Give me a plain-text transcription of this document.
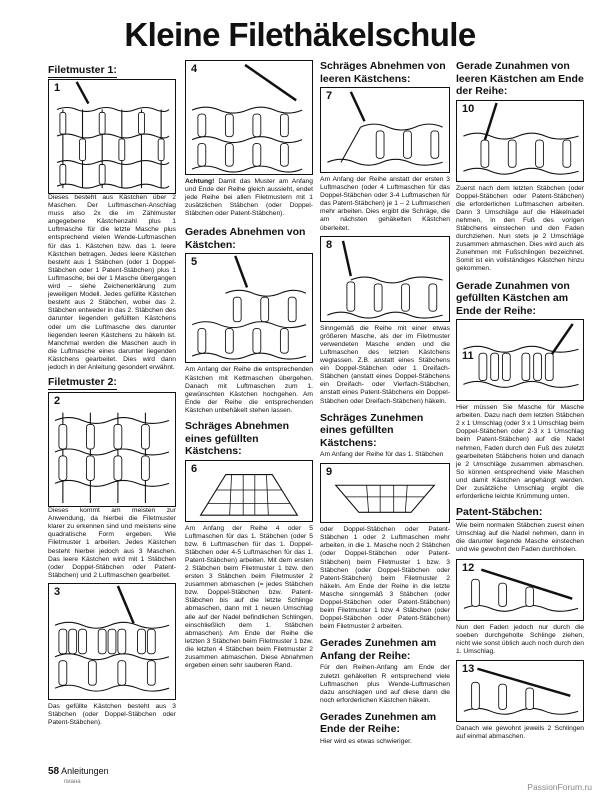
Kleine Filethäkelschule
Filetmuster 1:
1
Dieses besteht aus Kästchen über 2 Maschen. Der Luftmaschen-Anschlag muss also 2x die im Zählmuster angegebene Kästchenzahl plus 1 Luftmasche für die letzte Masche plus entsprechend vielen Wende-Luftmaschen für das 1. Kästchen bzw. das 1. leere Kästchen betragen. Jedes leere Kästchen besteht aus 1 Stäbchen (oder 1 Doppel-Stäbchen oder 1 Patent-Stäbchen) plus 1 Luftmasche, bei der 1 Masche übergangen wird – siehe Zeichenerklärung zum jeweiligen Modell. Jedes gefüllte Kästchen besteht aus 2 Stäbchen, wobei das 2. Stäbchen entweder in das 2. Stäbchen des darunter liegenden gefüllten Kästchens oder um die Luftmasche des darunter liegenden leeren Kästchens zu häkeln ist. Manchmal werden die Maschen auch in die Luftmasche eines darunter liegenden Kästchens gearbeitet. Dies wird dann jedoch in der Anleitung gesondert erwähnt.
Filetmuster 2:
2
Dieses kommt am meisten zur Anwendung, da hierbei die Filetmuster klarer zu erkennen sind und meistens eine quadratische Form ergeben. Wie Filetmuster 1 arbeiten. Jedes Kästchen besteht hierbei jedoch aus 3 Maschen. Das leere Kästchen wird mit 1 Stäbchen (oder Doppel-Stäbchen oder Patent-Stäbchen) und 2 Luftmaschen gearbeitet.
3
Das gefüllte Kästchen besteht aus 3 Stäbchen (oder Doppel-Stäbchen oder Patent-Stäbchen).
4
Achtung! Damit das Muster am Anfang und Ende der Reihe gleich aussieht, endet jede Reihe bei allen Filetmustern mit 1 zusätzlichen Stäbchen (oder Doppel-Stäbchen oder Patent-Stäbchen).
Gerades Abnehmen von Kästchen:
5
Am Anfang der Reihe die entsprechenden Kästchen mit Kettmaschen übergehen. Danach mit Luftmaschen zum 1. gewünschten Kästchen hochgehen. Am Ende der Reihe die entsprechenden Kästchen unbehäkelt stehen lassen.
Schräges Abnehmen eines gefüllten Kästchens:
6
Am Anfang der Reihe 4 oder 5 Luftmaschen für das 1. Stäbchen (oder 5 bzw. 6 Luftmaschen für das 1. Doppel-Stäbchen oder 4-5 Luftmaschen für das 1. Patent-Stäbchen) arbeiten. Mit dem ersten 2 Stäbchen beim Filetmuster 1 bzw. den ersten 3 Stäbchen beim Filetmuster 2 zusammen abmaschen (= jedes Stäbchen bzw. Doppel-Stäbchen bzw. Patent-Stäbchen bis auf die letzte Schlinge abmaschen, dann mit 1 neuen Umschlag alle auf der Nadel befindlichen Schlingen, einschließlich dem 1. Stäbchen abmaschen). Am Ende der Reihe die letzten 3 Stäbchen beim Filetmuster 1 bzw. die letzten 4 Stäbchen beim Filetmuster 2 zusammen abmaschen. Diese Abnahmen ergeben einen sehr sauberen Rand.
Schräges Abnehmen von leeren Kästchens:
7
Am Anfang der Reihe anstatt der ersten 3 Luftmaschen (oder 4 Luftmaschen für das Doppel-Stäbchen oder 3-4 Luftmaschen für das Patent-Stäbchen) je 1 – 2 Luftmaschen mehr arbeiten. Dies ergibt die Schräge, die am nächsten gehäkelten Kästchen überleitet.
8
Sinngemäß die Reihe mit einer etwas größeren Masche, als der im Filetmuster verwendeten Masche enden und die Luftmaschen des letzten Kästchens weglassen. Z.B. anstatt eines Stäbchens ein Doppel-Stäbchen oder 1 Dreifach-Stäbchen (anstatt eines Doppel-Stäbchens ein Dreifach- oder Vierfach-Stäbchen, anstatt eines Patent-Stäbchens ein Doppel-Stäbchen oder Dreifach-Stäbchen) häkeln.
Schräges Zunehmen eines gefüllten Kästchens:
Am Anfang der Reihe für das 1. Stäbchen
9
oder Doppel-Stäbchen oder Patent-Stäbchen 1 oder 2 Luftmaschen mehr arbeiten, in die 1. Masche noch 2 Stäbchen (oder Doppel-Stäbchen oder Patent-Stäbchen) beim Filetmuster 1 bzw. 3 Stäbchen (oder Doppel-Stäbchen oder Patent-Stäbchen) beim Filetmuster 2 häkeln. Am Ende der Reihe in die letzte Masche sinngemäß 3 Stäbchen (oder Doppel-Stäbchen oder Patent-Stäbchen) beim Filetmuster 1 bzw 4 Stäbchen (oder Doppel-Stäbchen oder Patent-Stäbchen) beim Filetmuster 2 arbeiten.
Gerades Zunehmen am Anfang der Reihe:
Für den Reihen-Anfang am Ende der zuletzt gehäkelten R entsprechend viele Luftmaschen plus Wende-Luftmaschen dazu anschlagen und auf diese dann die noch erforderlichen Kästchen häkeln.
Gerades Zunehmen am Ende der Reihe:
Hier wird es etwas schwieriger.
Gerade Zunahmen von leeren Kästchen am Ende der Reihe:
10
Zuerst nach dem letzten Stäbchen (oder Doppel-Stäbchen oder Patent-Stäbchen) die erforderlichen Luftmaschen arbeiten. Dann 3 Umschläge auf die Häkelnadel nehmen, in den Fuß des vorigen Stäbchens einstechen und den Faden durchziehen. Nun stets je 2 Umschläge zusammen abmaschen. Dies wird auch als Zunehmen mit Fußschlingen bezeichnet. Somit ist ein vollständiges Kästchen hinzu gekommen.
Gerade Zunahmen von gefüllten Kästchen am Ende der Reihe:
11
Hier müssen Sie Masche für Masche arbeiten. Dazu nach dem letzten Stäbchen 2 x 1 Umschlag (oder 3 x 1 Umschlag beim Doppel-Stäbchen oder 2-3 x 1 Umschlag beim Patent-Stäbchen) auf die Nadel nehmen, Faden durch den Fuß des zuletzt gearbeiteten Stäbchens holen und danach je 2 Umschläge zusammen abmaschen. So können entsprechend viele Maschen und damit Kästchen angehängt werden. Der zusätzliche Umschlag ergibt die erforderliche leichte Krümmung unten.
Patent-Stäbchen:
Wie beim normalen Stäbchen zuerst einen Umschlag auf die Nadel nehmen, dann in die darunter liegende Masche einstechen und wie gewohnt den Faden durchholen.
12
Nun den Faden jedoch nur durch die soeben durchgeholte Schlinge ziehen, nicht wie sonst üblich auch noch durch den 1. Umschlag.
13
Danach wie gewohnt jeweils 2 Schlingen auf einmal abmaschen.
58 Anleitungen
пиана	PassionForum.ru
